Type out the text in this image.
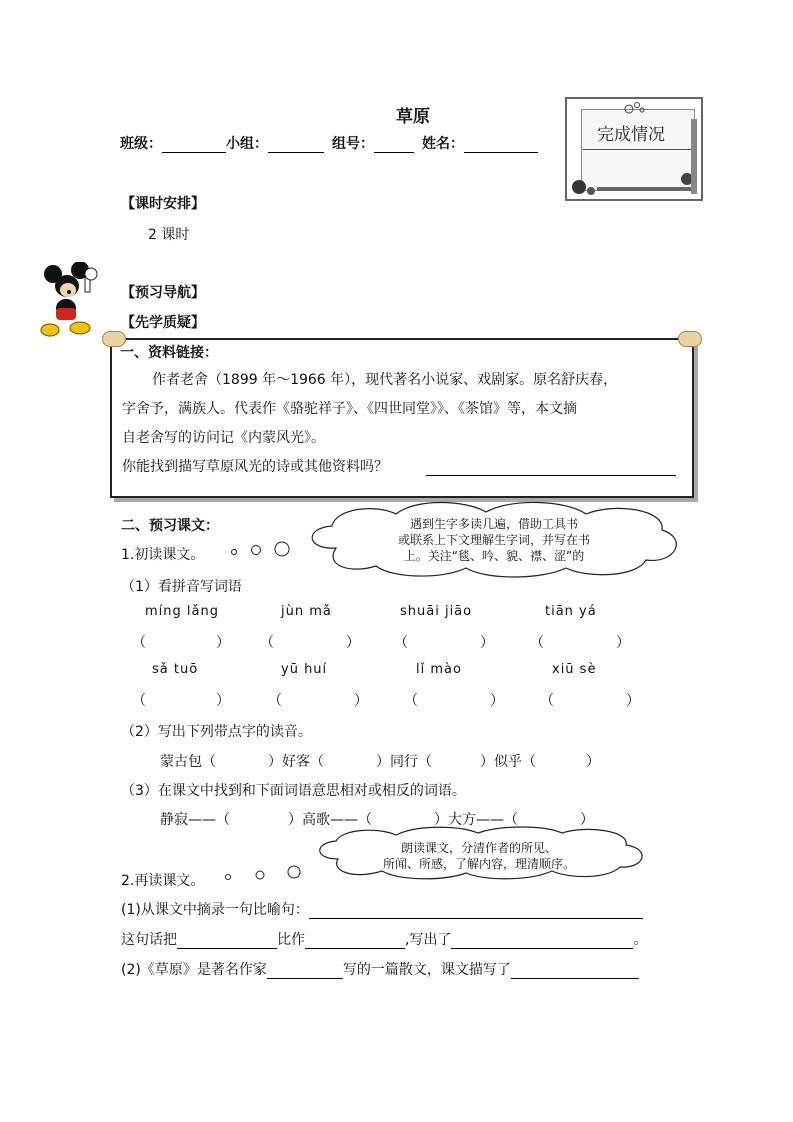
草原
班级：	小组：	组号：	姓名：	完成情况
【课时安排】
2 课时
【预习导航】
【先学质疑】
一、资料链接：
作者老舍（1899 年～1966 年），现代著名小说家、戏剧家。原名舒庆春，
字舍予，满族人。代表作《骆驼祥子》、《四世同堂》》、《茶馆》等，本文摘
自老舍写的访问记《内蒙风光》。
你能找到描写草原风光的诗或其他资料吗？
二、预习课文：
1.初读课文。
遇到生字多读几遍，借助工具书
或联系上下文理解生字词，并写在书
上。关注“毯、吟、貌、襟、涩”的
（1）看拼音写词语
míng lǎng	jùn mǎ	shuāi jiāo	tiān yá
（	） （	） （	）	（	）
sǎ tuō	yū huí	lǐ mào	xiū sè
（	）	（	）	（	）	（	）
（2）写出下列带点字的读音。
蒙古包（	）好客（	）同行（	）似乎（	）
（3）在课文中找到和下面词语意思相对或相反的词语。
静寂——（	）高歌——（	）大方——（	）
朗读课文，分清作者的所见、
所闻、所感，了解内容，理清顺序。
2.再读课文。
(1)从课文中摘录一句比喻句：
这句话把	比作	,写出了	。
(2)《草原》是著名作家	写的一篇散文，课文描写了
